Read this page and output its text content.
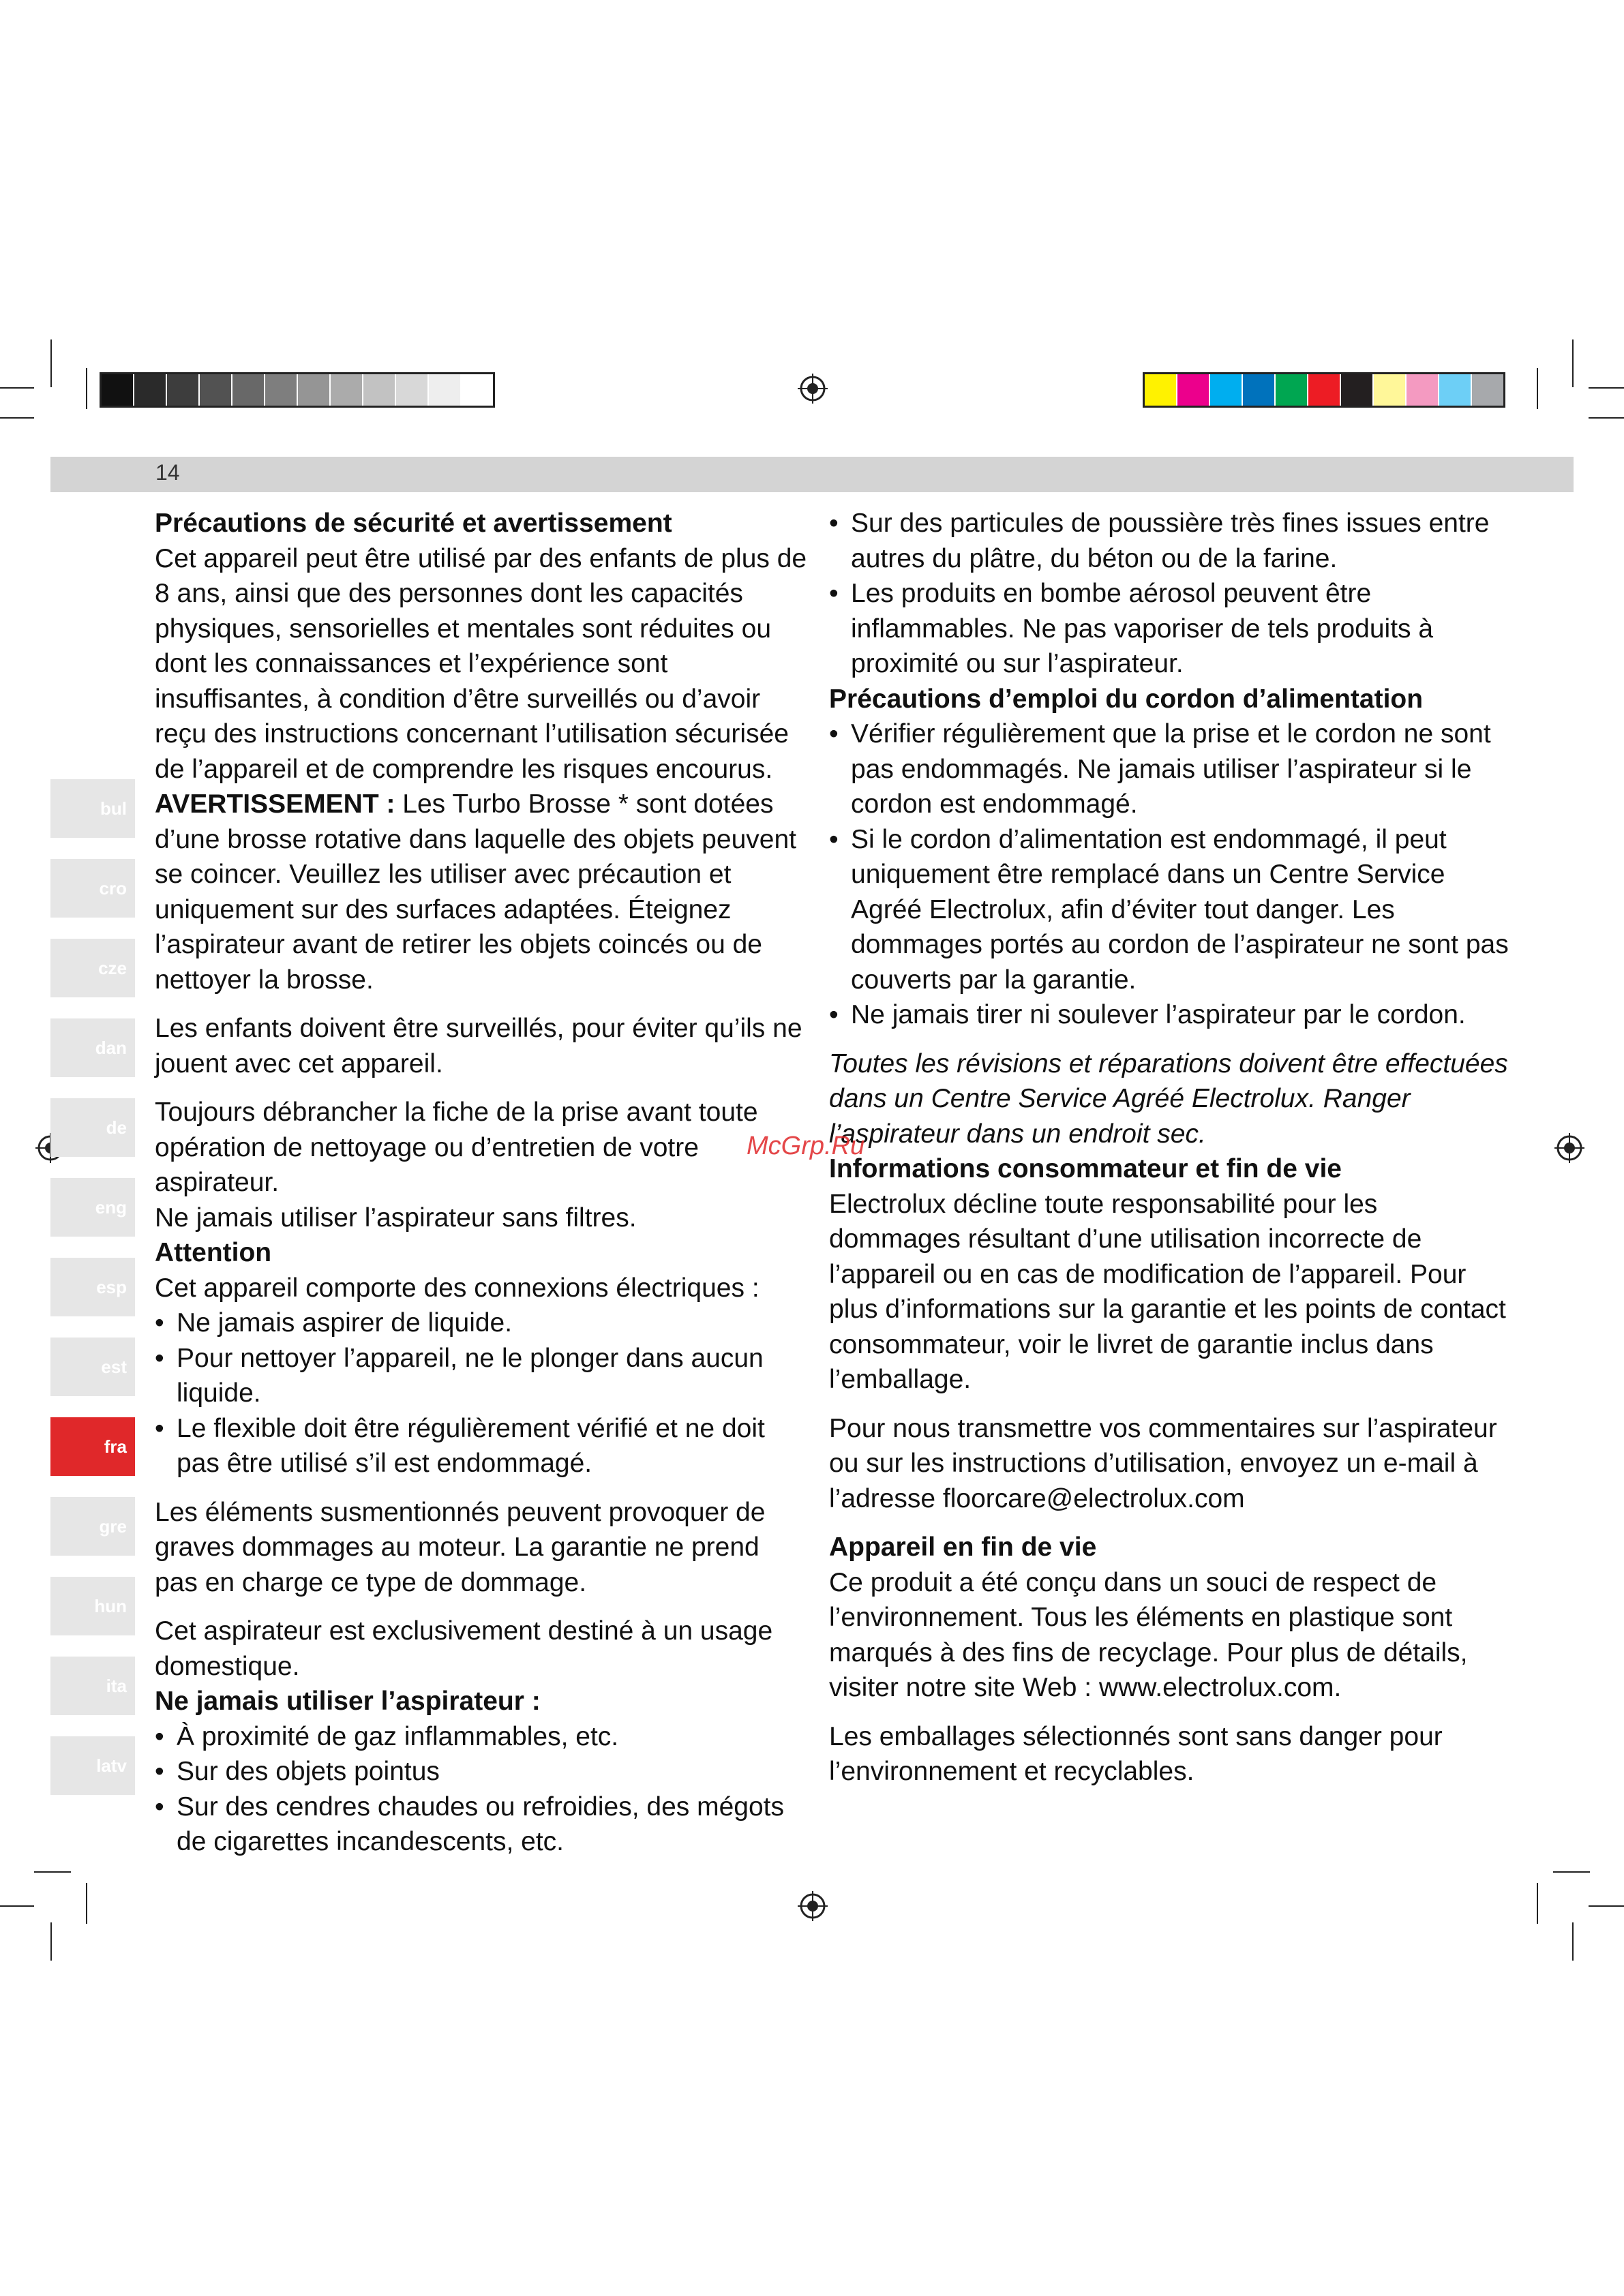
14
bul
cro
cze
dan
de
eng
esp
est
fra
gre
hun
ita
latv

Précautions de sécurité et avertissement

Cet appareil peut être utilisé par des enfants de plus de 8 ans, ainsi que des personnes dont les capacités physiques, sensorielles et mentales sont réduites ou dont les connaissances et l’expérience sont insuffisantes, à condition d’être surveillés ou d’avoir reçu des instructions concernant l’utilisation sécurisée de l’appareil et de comprendre les risques encourus.

AVERTISSEMENT : Les Turbo Brosse * sont dotées d’une brosse rotative dans laquelle des objets peuvent se coincer. Veuillez les utiliser avec précaution et uniquement sur des surfaces adaptées. Éteignez l’aspirateur avant de retirer les objets coincés ou de nettoyer la brosse.

Les enfants doivent être surveillés, pour éviter qu’ils ne jouent avec cet appareil.

Toujours débrancher la fiche de la prise avant toute opération de nettoyage ou d’entretien de votre aspirateur.

Ne jamais utiliser l’aspirateur sans filtres.

Attention

Cet appareil comporte des connexions électriques :

• Ne jamais aspirer de liquide.
• Pour nettoyer l’appareil, ne le plonger dans aucun liquide.
• Le flexible doit être régulièrement vérifié et ne doit pas être utilisé s’il est endommagé.

Les éléments susmentionnés peuvent provoquer de graves dommages au moteur. La garantie ne prend pas en charge ce type de dommage.

Cet aspirateur est exclusivement destiné à un usage domestique.

Ne jamais utiliser l’aspirateur :

• À proximité de gaz inflammables, etc.
• Sur des objets pointus
• Sur des cendres chaudes ou refroidies, des mégots de cigarettes incandescents, etc.
• Sur des particules de poussière très fines issues entre autres du plâtre, du béton ou de la farine.
• Les produits en bombe aérosol peuvent être inflammables. Ne pas vaporiser de tels produits à proximité ou sur l’aspirateur.

Précautions d’emploi du cordon d’alimentation

• Vérifier régulièrement que la prise et le cordon ne sont pas endommagés. Ne jamais utiliser l’aspirateur si le cordon est endommagé.
• Si le cordon d’alimentation est endommagé, il peut uniquement être remplacé dans un Centre Service Agréé Electrolux, afin d’éviter tout danger. Les dommages portés au cordon de l’aspirateur ne sont pas couverts par la garantie.
• Ne jamais tirer ni soulever l’aspirateur par le cordon.

Toutes les révisions et réparations doivent être effectuées dans un Centre Service Agréé Electrolux. Ranger l’aspirateur dans un endroit sec.

Informations consommateur et fin de vie

Electrolux décline toute responsabilité pour les dommages résultant d’une utilisation incorrecte de l’appareil ou en cas de modification de l’appareil. Pour plus d’informations sur la garantie et les points de contact consommateur, voir le livret de garantie inclus dans l’emballage.

Pour nous transmettre vos commentaires sur l’aspirateur ou sur les instructions d’utilisation, envoyez un e-mail à l’adresse floorcare@electrolux.com

Appareil en fin de vie

Ce produit a été conçu dans un souci de respect de l’environnement. Tous les éléments en plastique sont marqués à des fins de recyclage. Pour plus de détails, visiter notre site Web : www.electrolux.com.

Les emballages sélectionnés sont sans danger pour l’environnement et recyclables.

McGrp.Ru
